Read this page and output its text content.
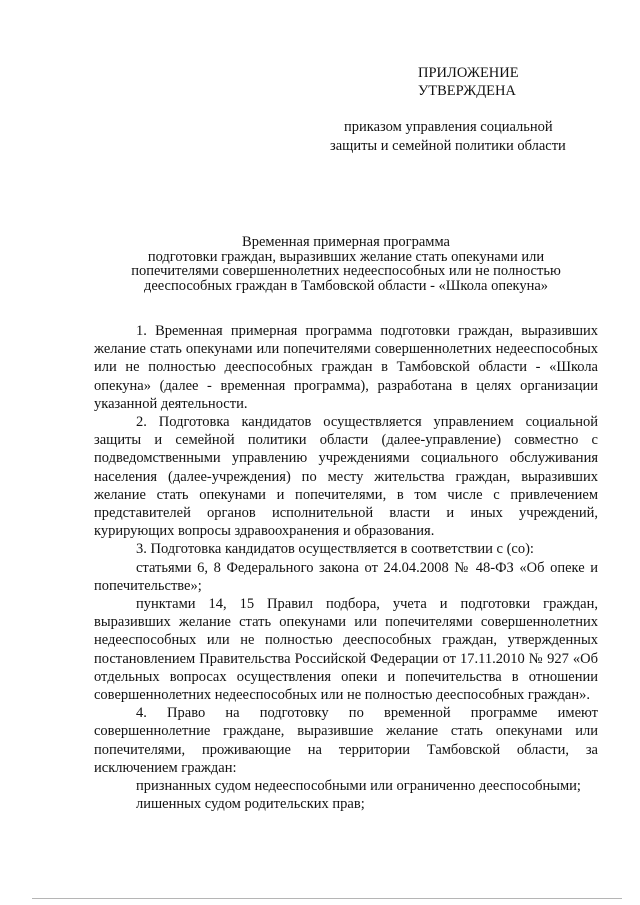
ПРИЛОЖЕНИЕ
УТВЕРЖДЕНА
приказом управления социальной
защиты и семейной политики области
Временная примерная программа
подготовки граждан, выразивших желание стать опекунами или
попечителями совершеннолетних недееспособных или не полностью
дееспособных граждан в Тамбовской области - «Школа опекуна»

1. Временная примерная программа подготовки граждан, выразивших желание стать опекунами или попечителями совершеннолетних недееспособных или не полностью дееспособных граждан в Тамбовской области - «Школа опекуна» (далее - временная программа), разработана в целях организации указанной деятельности.

2. Подготовка кандидатов осуществляется управлением социальной защиты и семейной политики области (далее-управление) совместно с подведомственными управлению учреждениями социального обслуживания населения (далее-учреждения) по месту жительства граждан, выразивших желание стать опекунами и попечителями, в том числе с привлечением представителей органов исполнительной власти и иных учреждений, курирующих вопросы здравоохранения и образования.

3. Подготовка кандидатов осуществляется в соответствии с (со):

статьями 6, 8 Федерального закона от 24.04.2008 № 48-ФЗ «Об опеке и попечительстве»;

пунктами 14, 15 Правил подбора, учета и подготовки граждан, выразивших желание стать опекунами или попечителями совершеннолетних недееспособных или не полностью дееспособных граждан, утвержденных постановлением Правительства Российской Федерации от 17.11.2010 № 927 «Об отдельных вопросах осуществления опеки и попечительства в отношении совершеннолетних недееспособных или не полностью дееспособных граждан».

4. Право на подготовку по временной программе имеют совершеннолетние граждане, выразившие желание стать опекунами или попечителями, проживающие на территории Тамбовской области, за исключением граждан:

признанных судом недееспособными или ограниченно дееспособными;

лишенных судом родительских прав;
